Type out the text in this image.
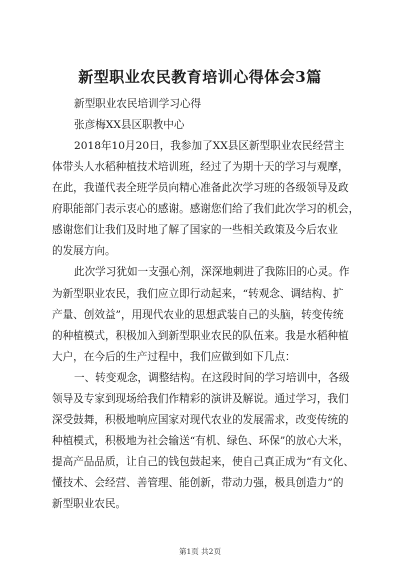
新型职业农民教育培训心得体会3篇
新型职业农民培训学习心得
张彦梅XX县区职教中心
2018年10月20日，我参加了XX县区新型职业农民经营主
体带头人水稻种植技术培训班，经过了为期十天的学习与观摩，
在此，我谨代表全班学员向精心准备此次学习班的各级领导及政
府职能部门表示衷心的感谢。感谢您们给了我们此次学习的机会，
感谢您们让我们及时地了解了国家的一些相关政策及今后农业
的发展方向。
此次学习犹如一支强心剂，深深地刺进了我陈旧的心灵。作
为新型职业农民，我们应立即行动起来，“转观念、调结构、扩
产量、创效益”，用现代农业的思想武装自己的头脑，转变传统
的种植模式，积极加入到新型职业农民的队伍来。我是水稻种植
大户，在今后的生产过程中，我们应做到如下几点：
一、转变观念，调整结构。在这段时间的学习培训中，各级
领导及专家到现场给我们作精彩的演讲及解说。通过学习，我们
深受鼓舞，积极地响应国家对现代农业的发展需求，改变传统的
种植模式，积极地为社会输送“有机、绿色、环保”的放心大米，
提高产品品质，让自己的钱包鼓起来，使自己真正成为“有文化、
懂技术、会经营、善管理、能创新，带动力强，极具创造力”的
新型职业农民。
第1页 共2页
